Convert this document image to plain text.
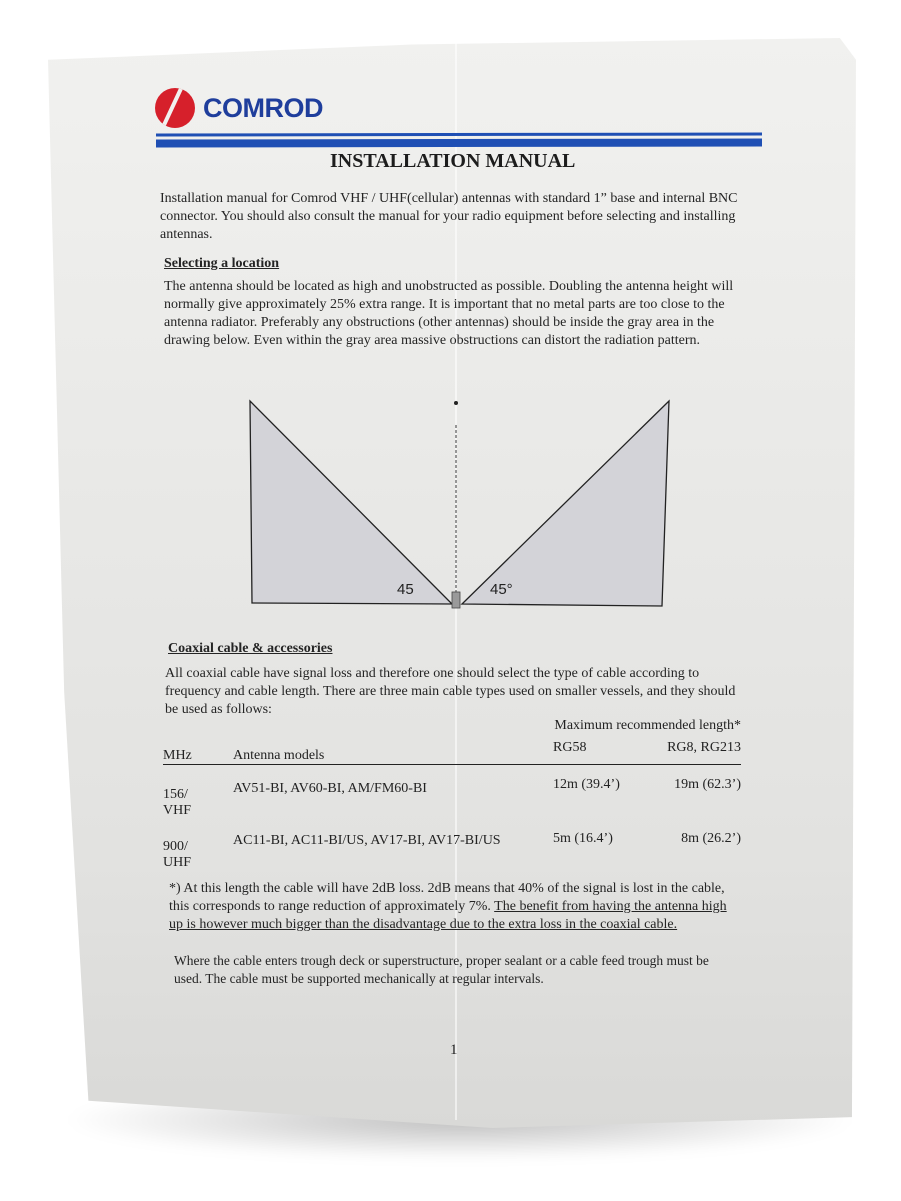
COMROD
INSTALLATION MANUAL
Installation manual for Comrod VHF / UHF(cellular) antennas with standard 1” base and internal BNC connector. You should also consult the manual for your radio equipment before selecting and installing antennas.
Selecting a location
The antenna should be located as high and unobstructed as possible. Doubling the antenna height will normally give approximately 25% extra range. It is important that no metal parts are too close to the antenna radiator. Preferably any obstructions (other antennas) should be inside the gray area in the drawing below. Even within the gray area massive obstructions can distort the radiation pattern.
45	45°
Coaxial cable & accessories
All coaxial cable have signal loss and therefore one should select the type of cable according to frequency and cable length. There are three main cable types used on smaller vessels, and they should be used as follows:
		Maximum recommended length*	
MHz	Antenna models	RG58	RG8, RG213
156/
VHF	AV51-BI, AV60-BI, AM/FM60-BI	12m (39.4’)	19m (62.3’)
900/
UHF	AC11-BI, AC11-BI/US, AV17-BI, AV17-BI/US	5m (16.4’)	8m (26.2’)
*) At this length the cable will have 2dB loss. 2dB means that 40% of the signal is lost in the cable, this corresponds to range reduction of approximately 7%. The benefit from having the antenna high up is however much bigger than the disadvantage due to the extra loss in the coaxial cable.
Where the cable enters trough deck or superstructure, proper sealant or a cable feed trough must be used. The cable must be supported mechanically at regular intervals.
1
